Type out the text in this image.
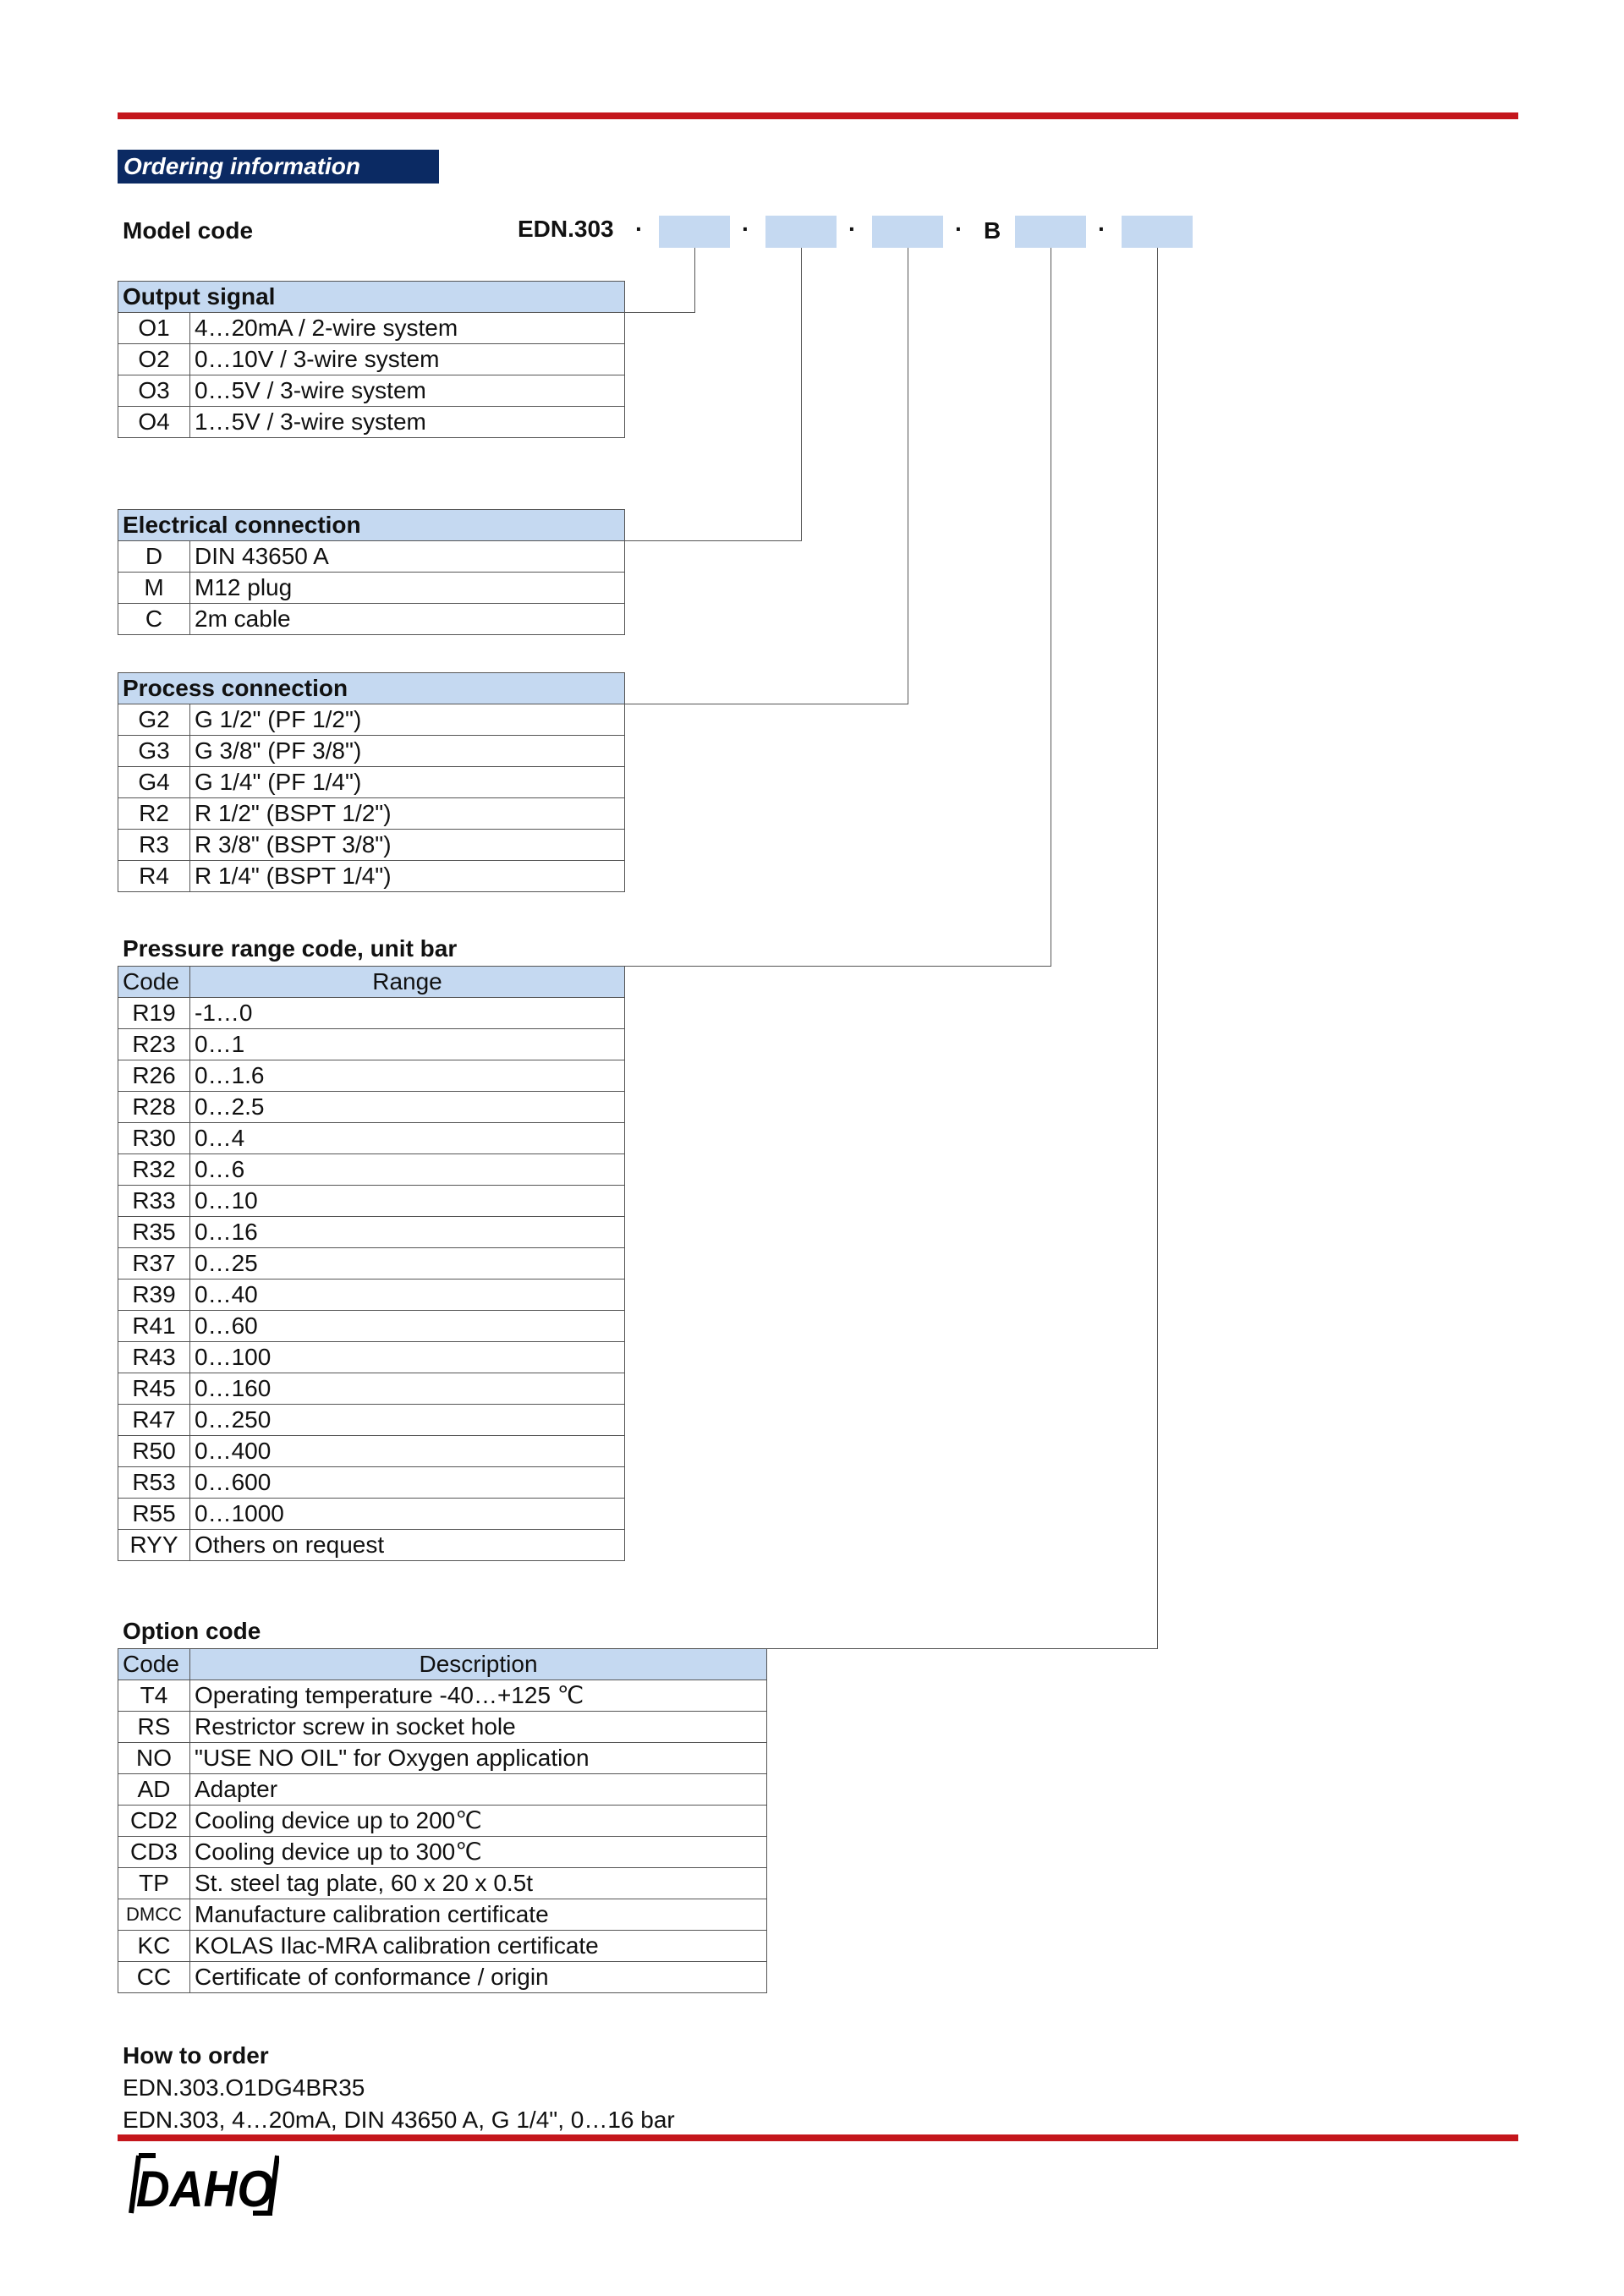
Ordering information
Model code	EDN.303 ·	·	·	· B	·
Output signal	
O1	4…20mA / 2-wire system
O2	0…10V / 3-wire system
O3	0…5V / 3-wire system
O4	1…5V / 3-wire system
Electrical connection	
D	DIN 43650 A
M	M12 plug
C	2m cable
Process connection	
G2	G 1/2" (PF 1/2")
G3	G 3/8" (PF 3/8")
G4	G 1/4" (PF 1/4")
R2	R 1/2" (BSPT 1/2")
R3	R 3/8" (BSPT 3/8")
R4	R 1/4" (BSPT 1/4")
Pressure range code, unit bar
Code	Range
R19	-1…0
R23	0…1
R26	0…1.6
R28	0…2.5
R30	0…4
R32	0…6
R33	0…10
R35	0…16
R37	0…25
R39	0…40
R41	0…60
R43	0…100
R45	0…160
R47	0…250
R50	0…400
R53	0…600
R55	0…1000
RYY	Others on request
Option code
Code	Description
T4	Operating temperature -40…+125 ℃
RS	Restrictor screw in socket hole
NO	"USE NO OIL" for Oxygen application
AD	Adapter
CD2	Cooling device up to 200℃
CD3	Cooling device up to 300℃
TP	St. steel tag plate, 60 x 20 x 0.5t
DMCC	Manufacture calibration certificate
KC	KOLAS Ilac-MRA calibration certificate
CC	Certificate of conformance / origin
How to order
EDN.303.O1DG4BR35
EDN.303, 4…20mA, DIN 43650 A, G 1/4", 0…16 bar
DAHO
